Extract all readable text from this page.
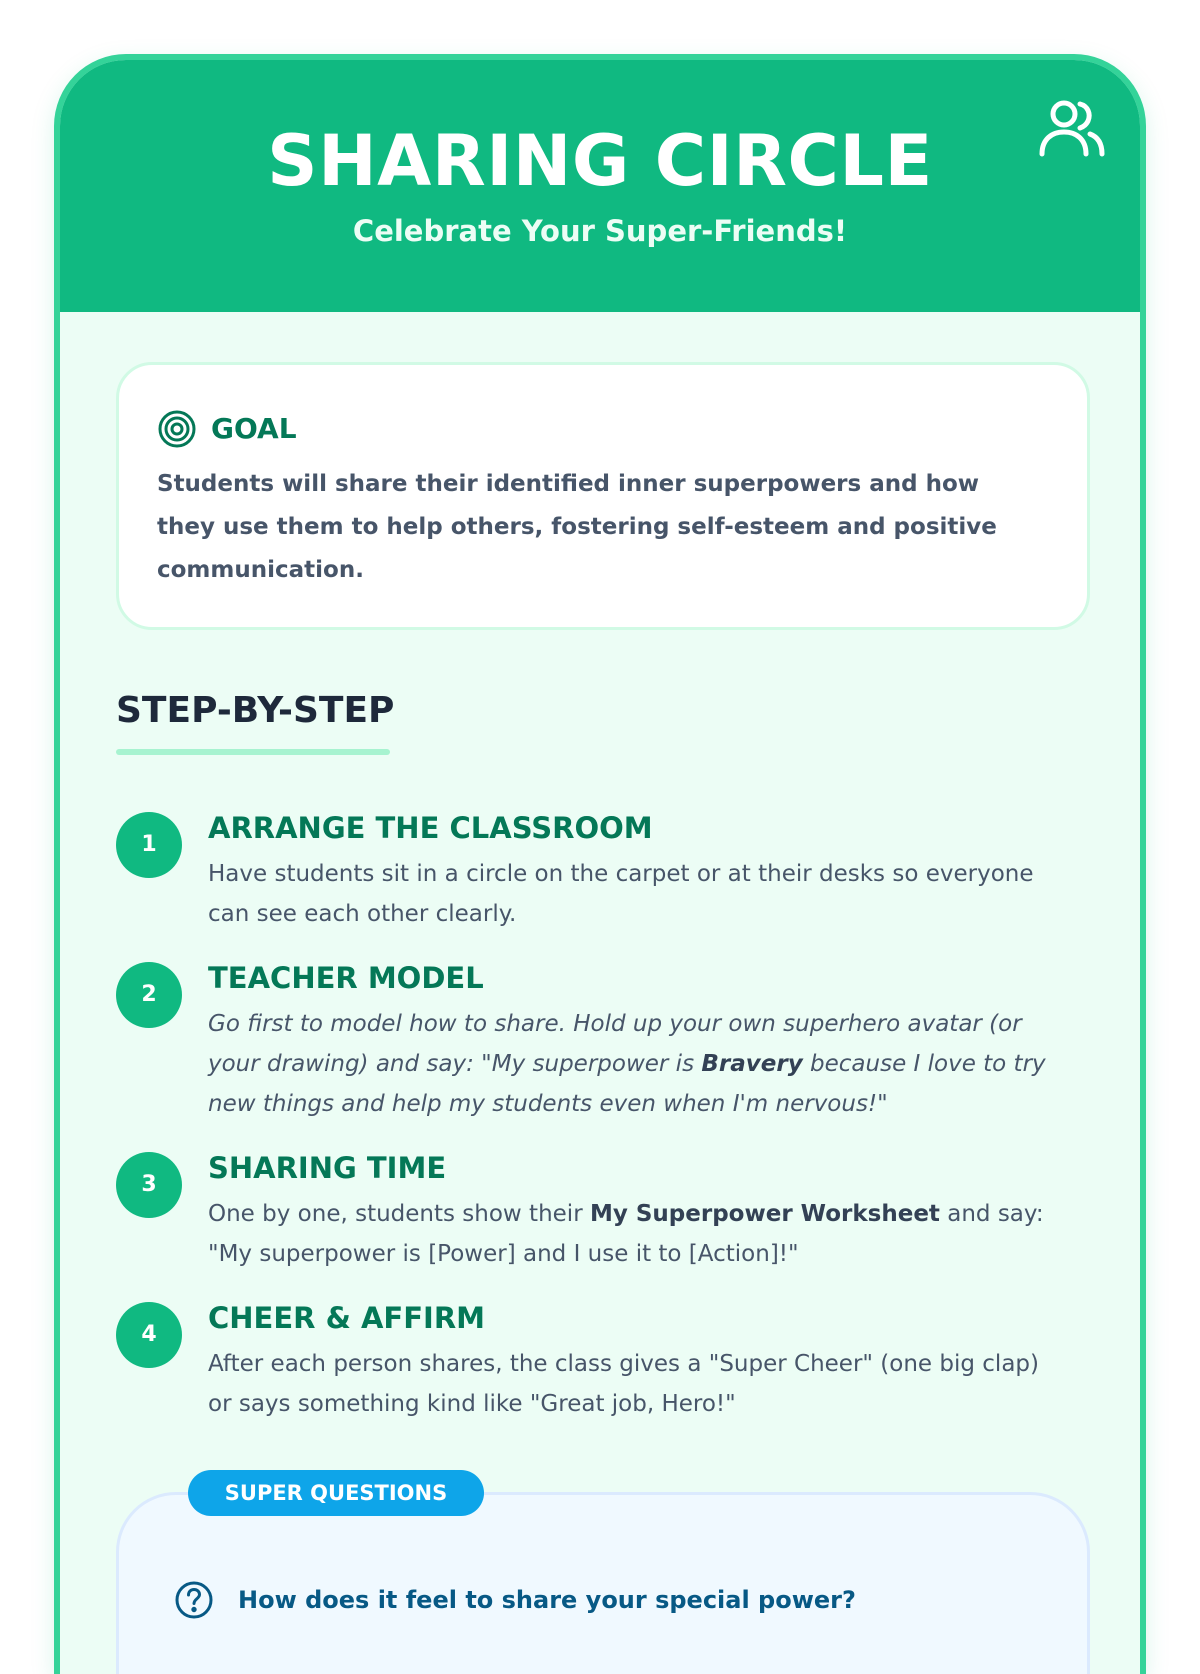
SHARING CIRCLE
Celebrate Your Super-Friends!
GOAL
Students will share their identified inner superpowers and how they use them to help others, fostering self-esteem and positive communication.
STEP-BY-STEP
1	ARRANGE THE CLASSROOM
Have students sit in a circle on the carpet or at their desks so everyone can see each other clearly.
2	TEACHER MODEL
Go first to model how to share. Hold up your own superhero avatar (or your drawing) and say: "My superpower is Bravery because I love to try new things and help my students even when I'm nervous!"
3	SHARING TIME
One by one, students show their My Superpower Worksheet and say: "My superpower is [Power] and I use it to [Action]!"
4	CHEER & AFFIRM
After each person shares, the class gives a "Super Cheer" (one big clap) or says something kind like "Great job, Hero!"
SUPER QUESTIONS
How does it feel to share your special power?
